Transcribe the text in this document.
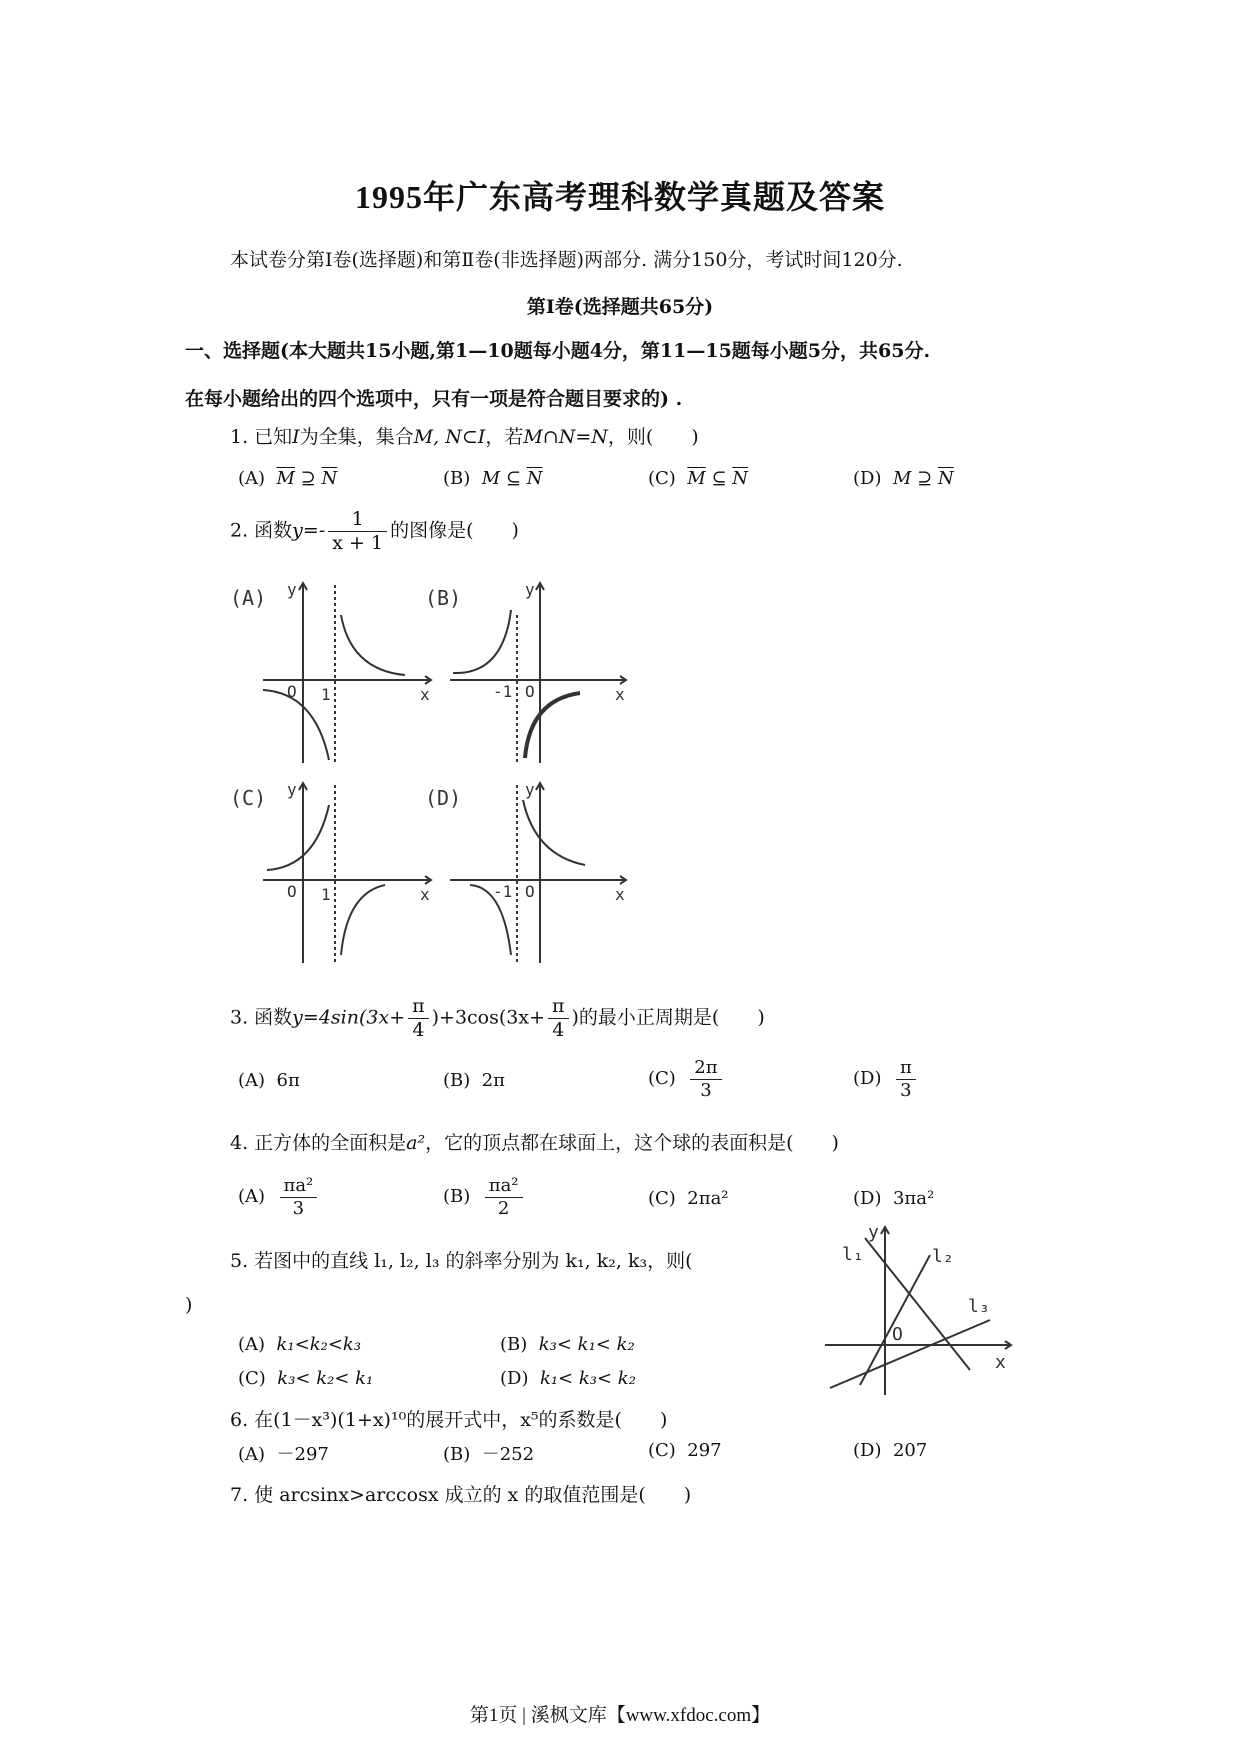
1995年广东高考理科数学真题及答案
本试卷分第Ⅰ卷(选择题)和第Ⅱ卷(非选择题)两部分. 满分150分，考试时间120分.
第Ⅰ卷(选择题共65分)
一、选择题(本大题共15小题,第1—10题每小题4分，第11—15题每小题5分，共65分.
在每小题给出的四个选项中，只有一项是符合题目要求的) .
1. 已知I为全集，集合M, N⊂I，若M∩N=N，则(　　)
(A) $\overline{M}$ ⊇ $\overline{N}$	(B) M ⊆ $\overline{N}$	(C) $\overline{M}$ ⊆ $\overline{N}$	(D) M ⊇ $\overline{N}$
2. 函数$y=- \frac{1}{x + 1}$ 的图像是(　　)
(A)	(B)
(C)	(D)
y
x
O 1
y
x
O
-1
y
x
O 1
y
x
O
-1
3. 函数$y=4\sin(3x+ \frac{\pi}{4} )+3\cos(3x+ \frac{\pi}{4}$ )的最小正周期是(　　)
(A) 6π	(B) 2π	$(C) \frac{2\pi}{3}$	$(D) \frac{\pi}{3}$
4. 正方体的全面积是a²，它的顶点都在球面上，这个球的表面积是(　　)
$(A) \frac{\text{πa²}}{3}$	$(B) \frac{\text{πa²}}{2}$	(C) 2πa²	(D) 3πa²
5. 若图中的直线 l₁, l₂, l₃ 的斜率分别为 k₁, k₂, k₃，则(
)
(A) k₁<k₂<k₃	(B) k₃< k₁< k₂
(C) k₃< k₂< k₁	(D) k₁< k₃< k₂
y
x
O
l₁	l₂
l₃
6. 在(1－x³)(1+x)¹⁰的展开式中，x⁵的系数是(　　)
(A) －297	(B) －252	(C) 297	(D) 207
7. 使 arcsinx>arccosx 成立的 x 的取值范围是(　　)
第1页 | 溪枫文库【www.xfdoc.com】
